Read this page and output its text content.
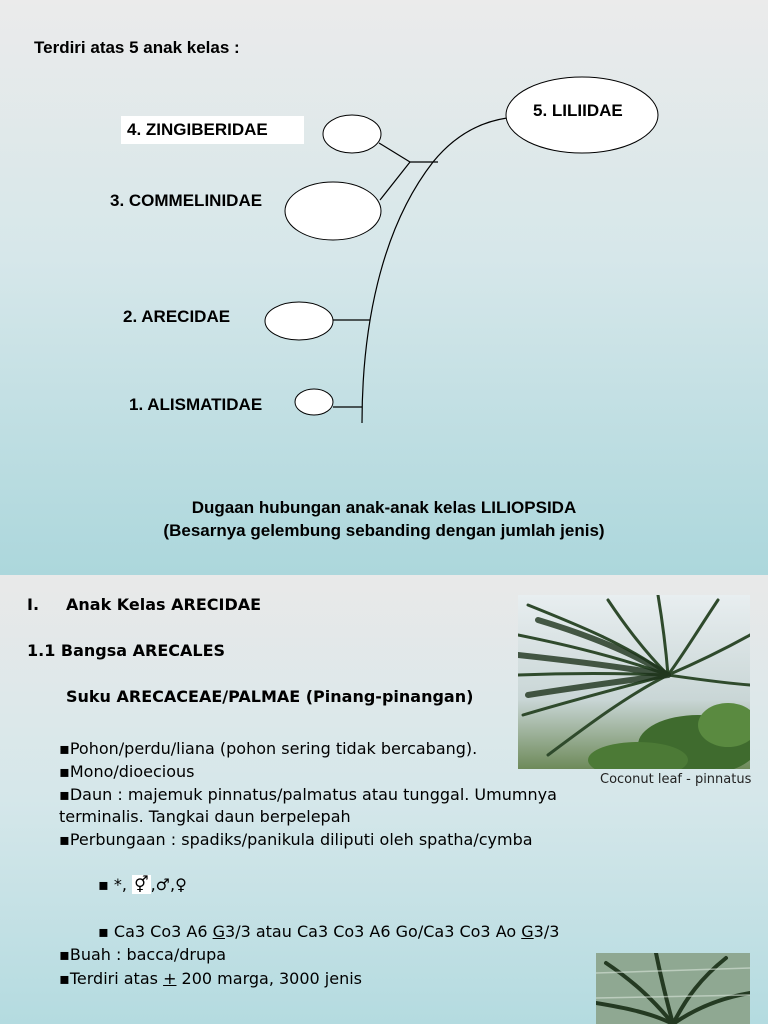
Terdiri atas 5 anak kelas :
5. LILIIDAE
4. ZINGIBERIDAE
3. COMMELINIDAE
2. ARECIDAE
1. ALISMATIDAE
Dugaan hubungan anak-anak kelas LILIOPSIDA
(Besarnya gelembung sebanding dengan jumlah jenis)
I. Anak Kelas ARECIDAE
1.1 Bangsa ARECALES
Suku ARECACEAE/PALMAE (Pinang-pinangan)
▪Pohon/perdu/liana (pohon sering tidak bercabang).
▪Mono/dioecious
▪Daun : majemuk pinnatus/palmatus atau tunggal. Umumnya
terminalis. Tangkai daun berpelepah
▪Perbungaan : spadiks/panikula diliputi oleh spatha/cymba
▪ *, ⚥ ,♂,♀
▪ Ca3 Co3 A6 G3/3 atau Ca3 Co3 A6 Go/Ca3 Co3 Ao G3/3
▪Buah : bacca/drupa
▪Terdiri atas + 200 marga, 3000 jenis
Coconut leaf - pinnatus
